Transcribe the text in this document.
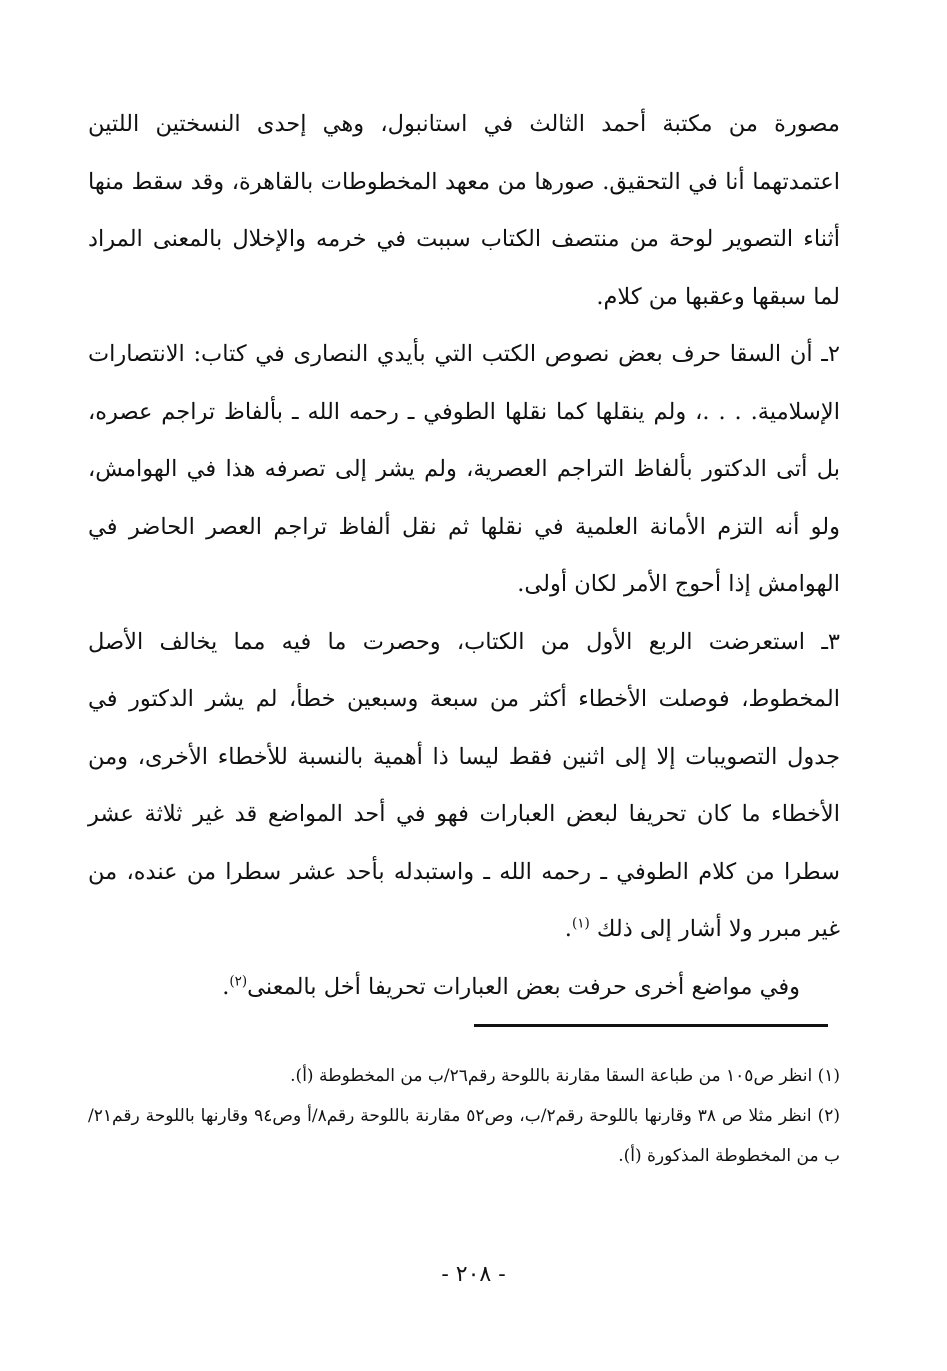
مصورة من مكتبة أحمد الثالث في استانبول، وهي إحدى النسختين اللتين اعتمدتهما أنا في التحقيق. صورها من معهد المخطوطات بالقاهرة، وقد سقط منها أثناء التصوير لوحة من منتصف الكتاب سببت في خرمه والإخلال بالمعنى المراد لما سبقها وعقبها من كلام.

٢ـ أن السقا حرف بعض نصوص الكتب التي بأيدي النصارى في كتاب: الانتصارات الإسلامية. . . .، ولم ينقلها كما نقلها الطوفي ـ رحمه الله ـ بألفاظ تراجم عصره، بل أتى الدكتور بألفاظ التراجم العصرية، ولم يشر إلى تصرفه هذا في الهوامش، ولو أنه التزم الأمانة العلمية في نقلها ثم نقل ألفاظ تراجم العصر الحاضر في الهوامش إذا أحوج الأمر لكان أولى.

٣ـ استعرضت الربع الأول من الكتاب، وحصرت ما فيه مما يخالف الأصل المخطوط، فوصلت الأخطاء أكثر من سبعة وسبعين خطأ، لم يشر الدكتور في جدول التصويبات إلا إلى اثنين فقط ليسا ذا أهمية بالنسبة للأخطاء الأخرى، ومن الأخطاء ما كان تحريفا لبعض العبارات فهو في أحد المواضع قد غير ثلاثة عشر سطرا من كلام الطوفي ـ رحمه الله ـ واستبدله بأحد عشر سطرا من عنده، من غير مبرر ولا أشار إلى ذلك $^{(١)}$.

وفي مواضع أخرى حرفت بعض العبارات تحريفا أخل بالمعنى$^{(٢)}$.

(١) انظر ص١٠٥ من طباعة السقا مقارنة باللوحة رقم٢٦/ب من المخطوطة (أ).

(٢) انظر مثلا ص ٣٨ وقارنها باللوحة رقم٢/ب، وص٥٢ مقارنة باللوحة رقم٨/أ وص٩٤ وقارنها باللوحة رقم٢١/ب من المخطوطة المذكورة (أ).

- ٢٠٨ -
